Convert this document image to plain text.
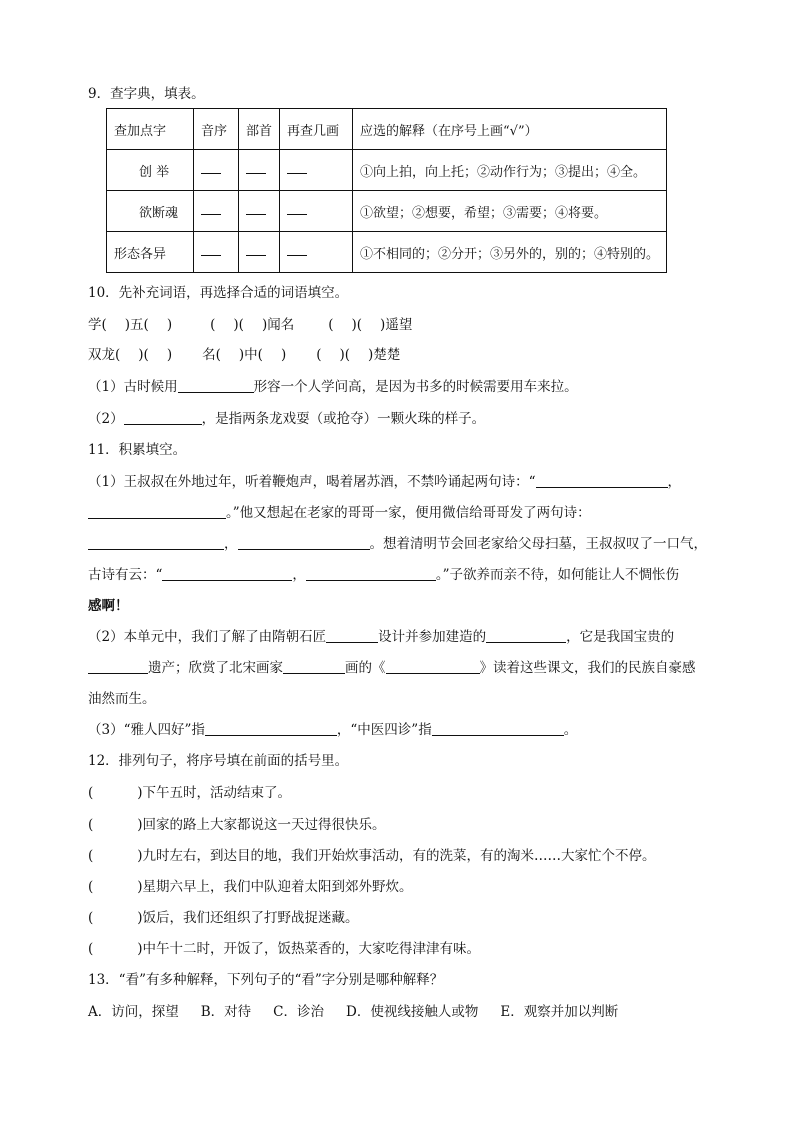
9．查字典，填表。
查加点字	音序	部首	再查几画	应选的解释（在序号上画“√”）
创 举				①向上拍，向上托；②动作行为；③提出；④全。
欲断魂				①欲望；②想要，希望；③需要；④将要。
形态各异				①不相同的；②分开；③另外的，别的；④特别的。
10．先补充词语，再选择合适的词语填空。
学( )五( )	( )( )闻名	( )( )遥望
双龙( )( ) 名( )中( ) ( )( )楚楚
（1）古时候用	形容一个人学问高，是因为书多的时候需要用车来拉。
（2）	，是指两条龙戏耍（或抢夺）一颗火珠的样子。
11．积累填空。
（1）王叔叔在外地过年，听着鞭炮声，喝着屠苏酒，不禁吟诵起两句诗：“	，
。”他又想起在老家的哥哥一家，便用微信给哥哥发了两句诗：
，	。想着清明节会回老家给父母扫墓，王叔叔叹了一口气，
古诗有云：“	，	。”子欲养而亲不待，如何能让人不惆怅伤
感啊！
（2）本单元中，我们了解了由隋朝石匠	设计并参加建造的	，它是我国宝贵的
遗产；欣赏了北宋画家	画的《	》读着这些课文，我们的民族自豪感
油然而生。
（3）“雅人四好”指	，“中医四诊”指	。
12．排列句子，将序号填在前面的括号里。
(	)下午五时，活动结束了。
(	)回家的路上大家都说这一天过得很快乐。
(	)九时左右，到达目的地，我们开始炊事活动，有的洗菜，有的淘米……大家忙个不停。
(	)星期六早上，我们中队迎着太阳到郊外野炊。
(	)饭后，我们还组织了打野战捉迷藏。
(	)中午十二时，开饭了，饭热菜香的，大家吃得津津有味。
13．“看”有多种解释，下列句子的“看”字分别是哪种解释？
A．访问，探望 B．对待 C．诊治 D．使视线接触人或物 E．观察并加以判断
